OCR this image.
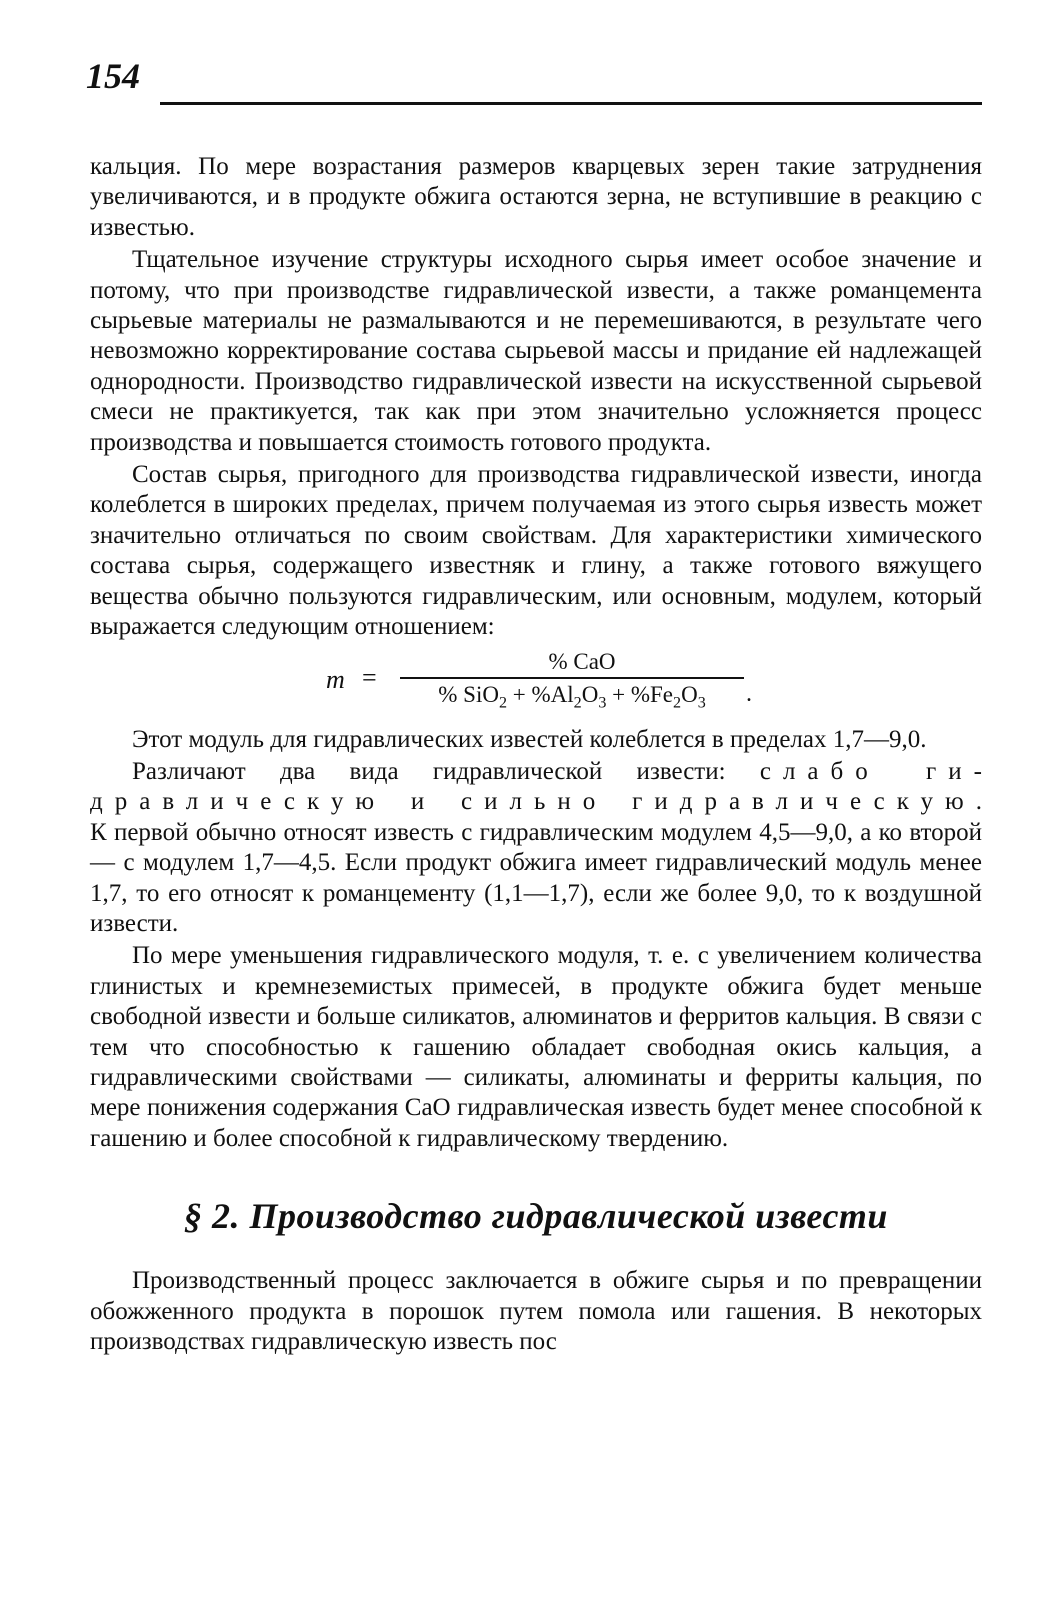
154

кальция. По мере возрастания размеров кварцевых зерен такие затруднения увеличиваются, и в продукте обжига остаются зерна, не вступившие в реакцию с известью.

Тщательное изучение структуры исходного сырья имеет особое значение и потому, что при производстве гидравлической извести, а также романцемента сырьевые материалы не размалываются и не перемешиваются, в результате чего невозможно корректирование состава сырьевой массы и придание ей надлежащей однородности. Производство гидравлической извести на искусственной сырьевой смеси не практикуется, так как при этом значительно усложняется процесс производства и повышается стоимость готового продукта.

Состав сырья, пригодного для производства гидравлической извести, иногда колеблется в широких пределах, причем получаемая из этого сырья известь может значительно отличаться по своим свойствам. Для характеристики химического состава сырья, содержащего известняк и глину, а также готового вяжущего вещества обычно пользуются гидравлическим, или основным, модулем, который выражается следующим отношением:

m =
% CaO
% $SiO_2 + \%Al_2O_3 + \%Fe_2O_3$	.

Этот модуль для гидравлических известей колеблется в пределах 1,7—9,0.

Различают два вида гидравлической извести: слабо гидравлическую и сильно гидравлическую. К первой обычно относят известь с гидравлическим модулем 4,5—9,0, а ко второй — с модулем 1,7—4,5. Если продукт обжига имеет гидравлический модуль менее 1,7, то его относят к романцементу (1,1—1,7), если же более 9,0, то к воздушной извести.

По мере уменьшения гидравлического модуля, т. е. с увеличением количества глинистых и кремнеземистых примесей, в продукте обжига будет меньше свободной извести и больше силикатов, алюминатов и ферритов кальция. В связи с тем что способностью к гашению обладает свободная окись кальция, а гидравлическими свойствами — силикаты, алюминаты и ферриты кальция, по мере понижения содержания CaO гидравлическая известь будет менее способной к гашению и более способной к гидравлическому твердению.

§ 2. Производство гидравлической извести

Производственный процесс заключается в обжиге сырья и по превращении обожженного продукта в порошок путем помола или гашения. В некоторых производствах гидравлическую известь пос
